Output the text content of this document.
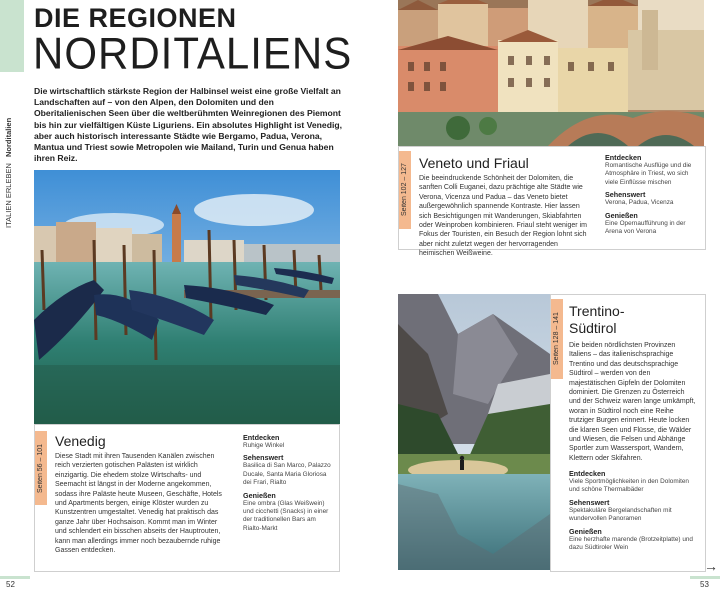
DIE REGIONEN
NORDITALIENS
ITALIEN ERLEBEN Norditalien

Die wirtschaftlich stärkste Region der Halbinsel weist eine große Vielfalt an Landschaften auf – von den Alpen, den Dolomiten und den Oberitalienischen Seen über die weltberühmten Weinregionen des Piemont bis hin zur vielfältigen Küste Liguriens. Ein absolutes Highlight ist Venedig, aber auch historisch interessante Städte wie Bergamo, Padua, Verona, Mantua und Triest sowie Metropolen wie Mailand, Turin und Genua haben ihren Reiz.

Seiten 56 – 101
Venedig

Diese Stadt mit ihren Tausenden Kanälen zwischen reich verzierten gotischen Palästen ist wirklich einzigartig. Die ehedem stolze Wirtschafts- und Seemacht ist längst in der Moderne angekommen, sodass ihre Paläste heute Museen, Geschäfte, Hotels und Apartments bergen, einige Klöster wurden zu Kunstzentren umgestaltet. Venedig hat praktisch das ganze Jahr über Hochsaison. Kommt man im Winter und schlendert ein bisschen abseits der Hauptrouten, kann man allerdings immer noch bezaubernde ruhige Gassen entdecken.

Entdecken

Ruhige Winkel

Sehenswert

Basilica di San Marco, Palazzo Ducale, Santa Maria Gloriosa dei Frari, Rialto

Genießen

Eine ombra (Glas Weißwein) und cicchetti (Snacks) in einer der traditionellen Bars am Rialto-Markt

Seiten 102 – 127
Veneto und Friaul

Die beeindruckende Schönheit der Dolomiten, die sanften Colli Euganei, dazu prächtige alte Städte wie Verona, Vicenza und Padua – das Veneto bietet außergewöhnlich spannende Kontraste. Hier lassen sich Besichtigungen mit Wanderungen, Skiabfahrten oder Weinproben kombinieren. Friaul steht weniger im Fokus der Touristen, ein Besuch der Region lohnt sich aber nicht zuletzt wegen der hervorragenden heimischen Weißweine.

Entdecken

Romantische Ausflüge und die Atmosphäre in Triest, wo sich viele Einflüsse mischen

Sehenswert

Verona, Padua, Vicenza

Genießen

Eine Opernaufführung in der Arena von Verona

Seiten 128 – 141
Trentino-
Südtirol

Die beiden nördlichsten Provinzen Italiens – das italienischsprachige Trentino und das deutschsprachige Südtirol – werden von den majestätischen Gipfeln der Dolomiten dominiert. Die Grenzen zu Österreich und der Schweiz waren lange umkämpft, woran in Südtirol noch eine Reihe trutziger Burgen erinnert. Heute locken die klaren Seen und Flüsse, die Wälder und Wiesen, die Felsen und Abhänge Sportler zum Wassersport, Wandern, Klettern oder Skifahren.

Entdecken

Viele Sportmöglichkeiten in den Dolomiten und schöne Thermalbäder

Sehenswert

Spektakuläre Bergelandschaften mit wundervollen Panoramen

Genießen

Eine herzhafte marende (Brotzeitplatte) und dazu Südtiroler Wein

52	53
→
